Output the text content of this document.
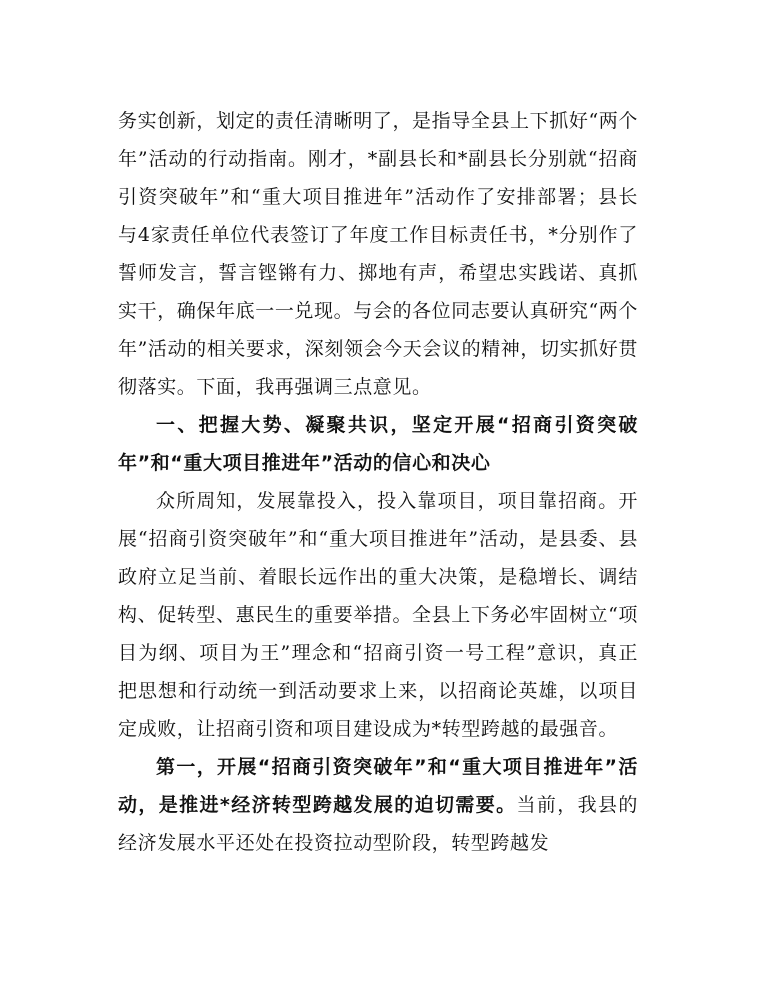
务实创新，划定的责任清晰明了，是指导全县上下抓好“两个年”活动的行动指南。刚才，*副县长和*副县长分别就“招商引资突破年”和“重大项目推进年”活动作了安排部署；县长与4家责任单位代表签订了年度工作目标责任书，*分别作了誓师发言，誓言铿锵有力、掷地有声，希望忠实践诺、真抓实干，确保年底一一兑现。与会的各位同志要认真研究“两个年”活动的相关要求，深刻领会今天会议的精神，切实抓好贯彻落实。下面，我再强调三点意见。

一、把握大势、凝聚共识，坚定开展“招商引资突破年”和“重大项目推进年”活动的信心和决心

众所周知，发展靠投入，投入靠项目，项目靠招商。开展“招商引资突破年”和“重大项目推进年”活动，是县委、县政府立足当前、着眼长远作出的重大决策，是稳增长、调结构、促转型、惠民生的重要举措。全县上下务必牢固树立“项目为纲、项目为王”理念和“招商引资一号工程”意识，真正把思想和行动统一到活动要求上来，以招商论英雄，以项目定成败，让招商引资和项目建设成为*转型跨越的最强音。

第一，开展“招商引资突破年”和“重大项目推进年”活动，是推进*经济转型跨越发展的迫切需要。当前，我县的经济发展水平还处在投资拉动型阶段，转型跨越发
